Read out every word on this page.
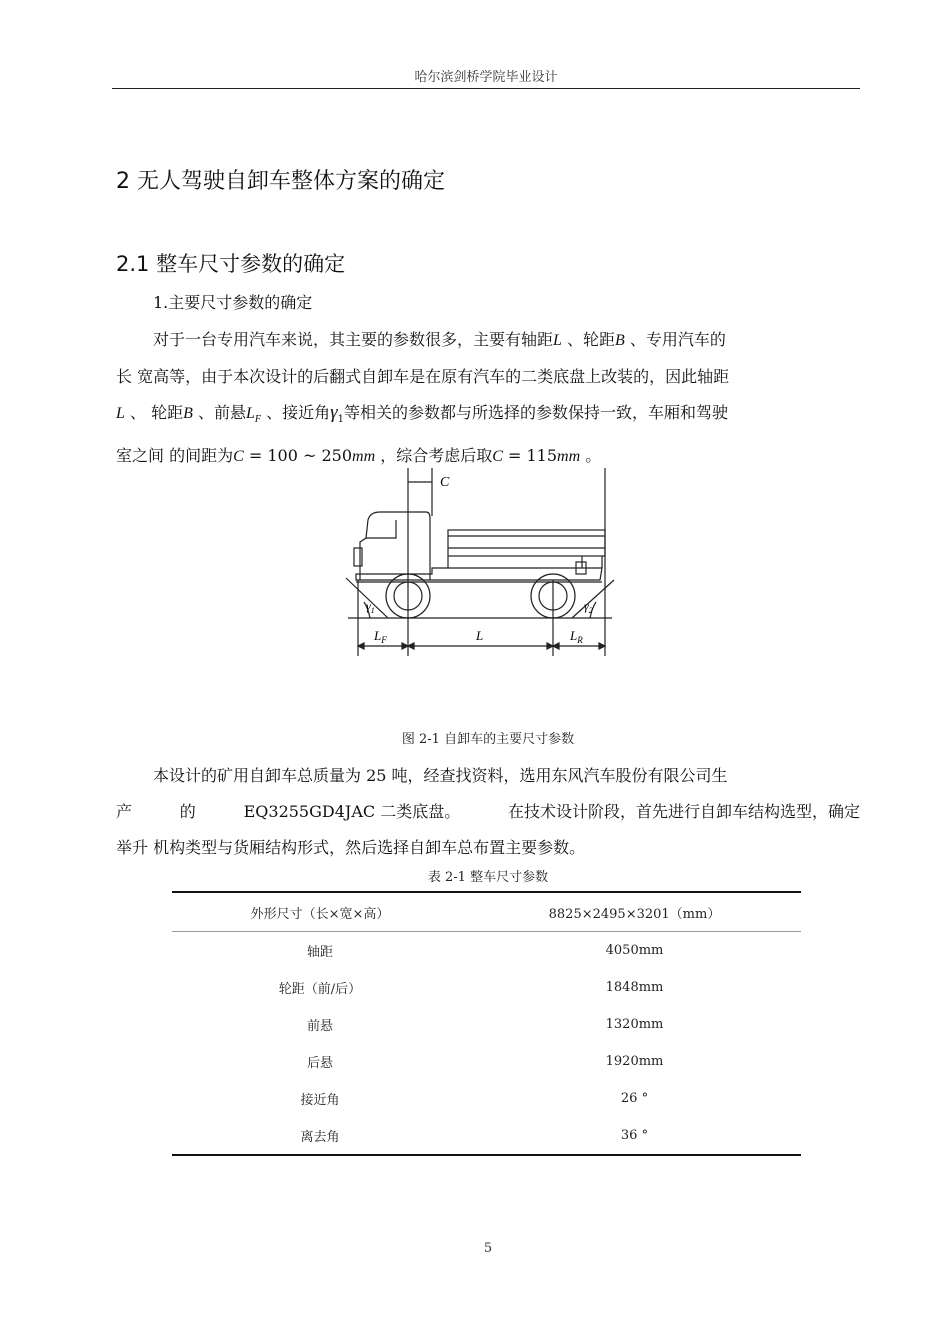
哈尔滨剑桥学院毕业设计
2 无人驾驶自卸车整体方案的确定
2.1 整车尺寸参数的确定
1.主要尺寸参数的确定
对于一台专用汽车来说，其主要的参数很多，主要有轴距L 、轮距B 、专用汽车的
长 宽高等，由于本次设计的后翻式自卸车是在原有汽车的二类底盘上改装的，因此轴距
L 、 轮距B 、前悬$L_F$ 、接近角$\gamma_1$等相关的参数都与所选择的参数保持一致，车厢和驾驶
室之间 的间距为C = 100 ~ 250mm ，综合考虑后取C = 115mm 。
C
$L_F$	L	$L_R$
$\gamma_1$	$\gamma_2$
图 2-1 自卸车的主要尺寸参数
本设计的矿用自卸车总质量为 25 吨，经查找资料，选用东风汽车股份有限公司生
产	的	EQ3255GD4JAC 二类底盘。	在技术设计阶段，首先进行自卸车结构选型，确定
举升 机构类型与货厢结构形式，然后选择自卸车总布置主要参数。
表 2-1 整车尺寸参数
外形尺寸（长×宽×高）	8825×2495×3201（mm）
轴距	4050mm
轮距（前/后）	1848mm
前悬	1320mm
后悬	1920mm
接近角	26 °
离去角	36 °
5
